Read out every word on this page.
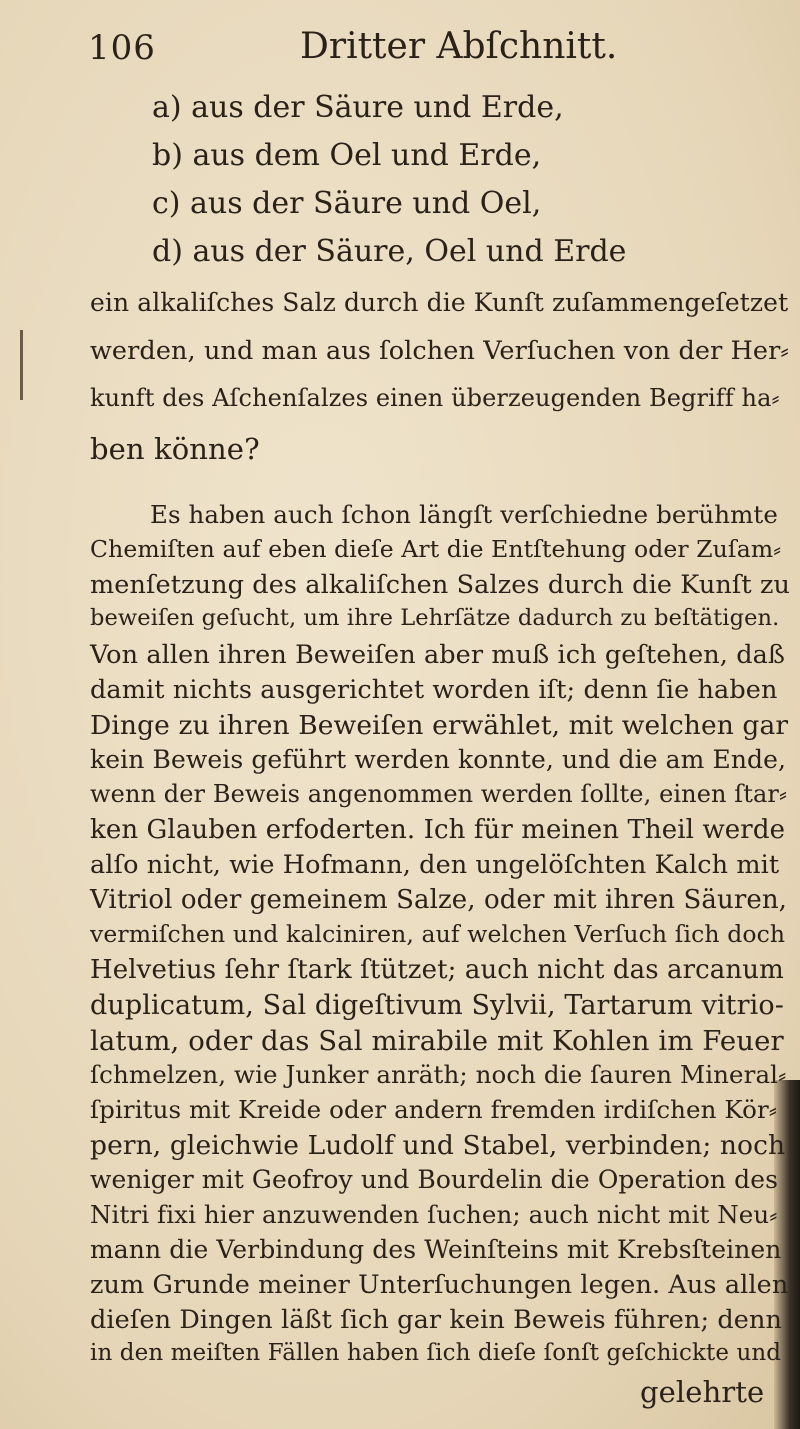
106	Dritter Abſchnitt.
a) aus der Säure und Erde,
b) aus dem Oel und Erde,
c) aus der Säure und Oel,
d) aus der Säure, Oel und Erde
ein alkaliſches Salz durch die Kunſt zuſammengeſetzet
werden, und man aus ſolchen Verſuchen von der Her⸗
kunft des Aſchenſalzes einen überzeugenden Begriff ha⸗
ben könne?
Es haben auch ſchon längſt verſchiedne berühmte
Chemiſten auf eben dieſe Art die Entſtehung oder Zuſam⸗
menſetzung des alkaliſchen Salzes durch die Kunſt zu
beweiſen geſucht, um ihre Lehrſätze dadurch zu beſtätigen.
Von allen ihren Beweiſen aber muß ich geſtehen, daß
damit nichts ausgerichtet worden iſt; denn ſie haben
Dinge zu ihren Beweiſen erwählet, mit welchen gar
kein Beweis geführt werden konnte, und die am Ende,
wenn der Beweis angenommen werden ſollte, einen ſtar⸗
ken Glauben erfoderten. Ich für meinen Theil werde
alſo nicht, wie Hofmann, den ungelöſchten Kalch mit
Vitriol oder gemeinem Salze, oder mit ihren Säuren,
vermiſchen und kalciniren, auf welchen Verſuch ſich doch
Helvetius ſehr ſtark ſtützet; auch nicht das arcanum
duplicatum, Sal digeſtivum Sylvii, Tartarum vitrio-
latum, oder das Sal mirabile mit Kohlen im Feuer
ſchmelzen, wie Junker anräth; noch die ſauren Mineral⸗
ſpiritus mit Kreide oder andern fremden irdiſchen Kör⸗
pern, gleichwie Ludolf und Stabel, verbinden; noch
weniger mit Geofroy und Bourdelin die Operation des
Nitri fixi hier anzuwenden ſuchen; auch nicht mit Neu⸗
mann die Verbindung des Weinſteins mit Krebsſteinen
zum Grunde meiner Unterſuchungen legen. Aus allen
dieſen Dingen läßt ſich gar kein Beweis führen; denn
in den meiſten Fällen haben ſich dieſe ſonſt geſchickte und
gelehrte
